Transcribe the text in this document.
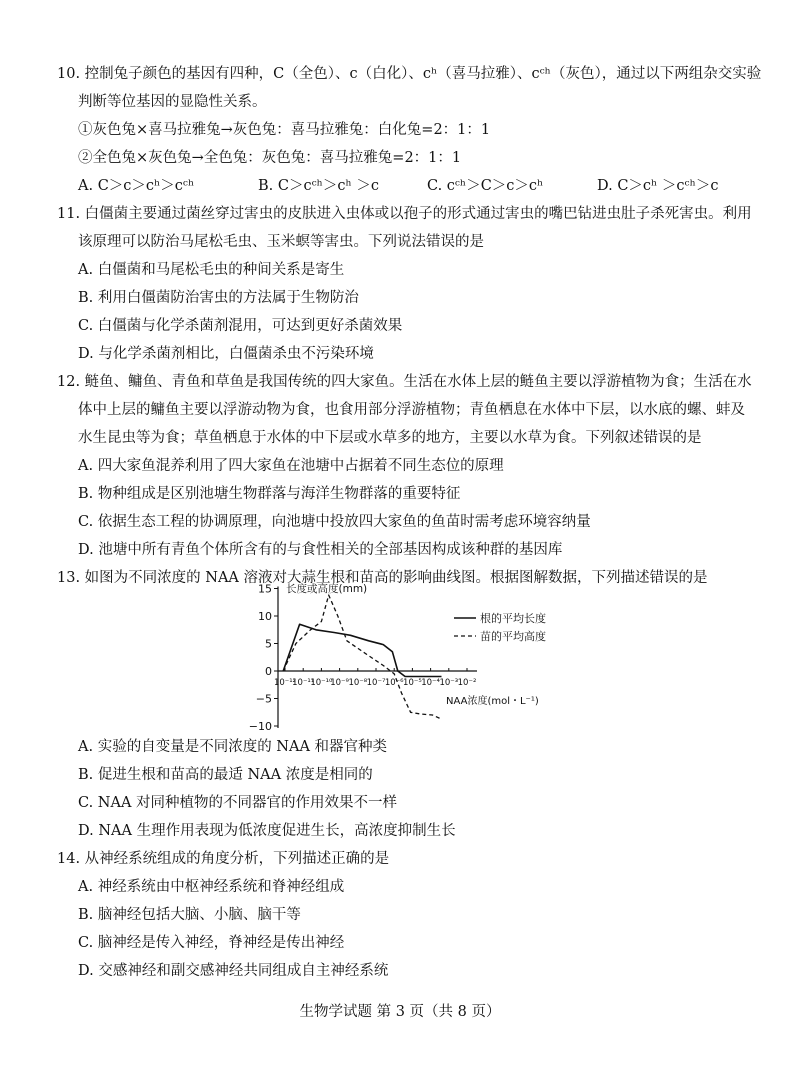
10. 控制兔子颜色的基因有四种，C（全色）、c（白化）、cʰ（喜马拉雅）、cᶜʰ（灰色），通过以下两组杂交实验
判断等位基因的显隐性关系。
①灰色兔×喜马拉雅兔→灰色兔：喜马拉雅兔：白化兔=2：1：1
②全色兔×灰色兔→全色兔：灰色兔：喜马拉雅兔=2：1：1
A. C＞c＞cʰ＞cᶜʰ	B. C＞cᶜʰ＞cʰ ＞c	C. cᶜʰ＞C＞c＞cʰ	D. C＞cʰ ＞cᶜʰ＞c
11. 白僵菌主要通过菌丝穿过害虫的皮肤进入虫体或以孢子的形式通过害虫的嘴巴钻进虫肚子杀死害虫。利用
该原理可以防治马尾松毛虫、玉米螟等害虫。下列说法错误的是
A. 白僵菌和马尾松毛虫的种间关系是寄生
B. 利用白僵菌防治害虫的方法属于生物防治
C. 白僵菌与化学杀菌剂混用，可达到更好杀菌效果
D. 与化学杀菌剂相比，白僵菌杀虫不污染环境
12. 鲢鱼、鳙鱼、青鱼和草鱼是我国传统的四大家鱼。生活在水体上层的鲢鱼主要以浮游植物为食；生活在水
体中上层的鳙鱼主要以浮游动物为食，也食用部分浮游植物；青鱼栖息在水体中下层，以水底的螺、蚌及
水生昆虫等为食；草鱼栖息于水体的中下层或水草多的地方，主要以水草为食。下列叙述错误的是
A. 四大家鱼混养利用了四大家鱼在池塘中占据着不同生态位的原理
B. 物种组成是区别池塘生物群落与海洋生物群落的重要特征
C. 依据生态工程的协调原理，向池塘中投放四大家鱼的鱼苗时需考虑环境容纳量
D. 池塘中所有青鱼个体所含有的与食性相关的全部基因构成该种群的基因库
13. 如图为不同浓度的 NAA 溶液对大蒜生根和苗高的影响曲线图。根据图解数据，下列描述错误的是
15
10
5
0
−5
−10
10⁻¹²
10⁻¹¹
10⁻¹⁰
10⁻⁹ 10⁻⁸ 10⁻⁷ 10⁻⁶ 10⁻⁵ 10⁻⁴ 10⁻³ 10⁻²
长度或高度(mm)
NAA浓度(mol・L⁻¹)
根的平均长度
苗的平均高度
A. 实验的自变量是不同浓度的 NAA 和器官种类
B. 促进生根和苗高的最适 NAA 浓度是相同的
C. NAA 对同种植物的不同器官的作用效果不一样
D. NAA 生理作用表现为低浓度促进生长，高浓度抑制生长
14. 从神经系统组成的角度分析，下列描述正确的是
A. 神经系统由中枢神经系统和脊神经组成
B. 脑神经包括大脑、小脑、脑干等
C. 脑神经是传入神经，脊神经是传出神经
D. 交感神经和副交感神经共同组成自主神经系统
生物学试题 第 3 页（共 8 页）
